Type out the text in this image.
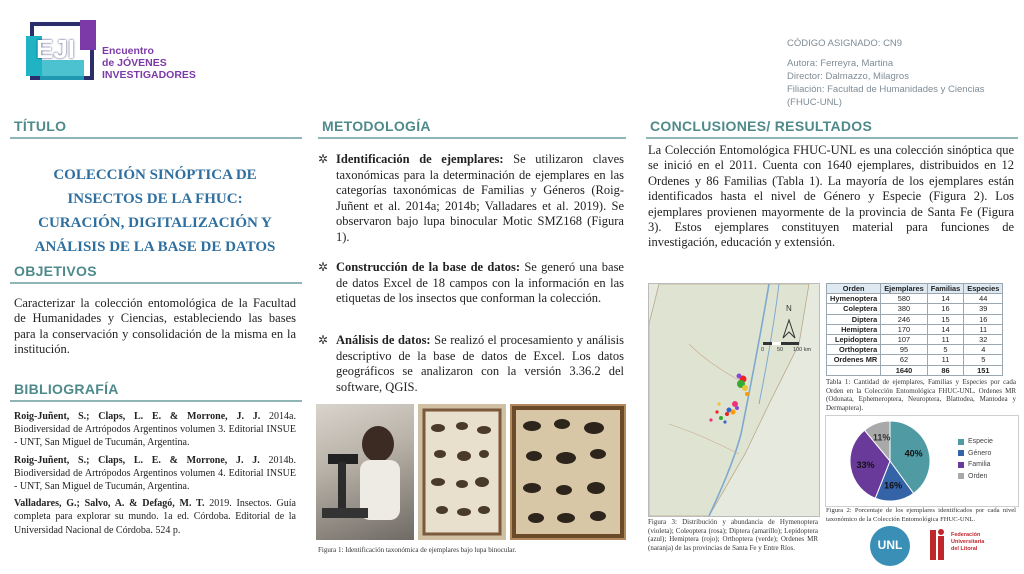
EJI	Encuentro
de JÓVENES
INVESTIGADORES
CÓDIGO ASIGNADO: CN9
Autora: Ferreyra, Martina
Director: Dalmazzo, Milagros
Filiación: Facultad de Humanidades y Ciencias
(FHUC-UNL)
TÍTULO
COLECCIÓN SINÓPTICA DE
INSECTOS DE LA FHUC:
CURACIÓN, DIGITALIZACIÓN Y
ANÁLISIS DE LA BASE DE DATOS
OBJETIVOS
Caracterizar la colección entomológica de la Facultad de Humanidades y Ciencias, estableciendo las bases para la conservación y consolidación de la misma en la institución.
BIBLIOGRAFÍA
Roig-Juñent, S.; Claps, L. E. & Morrone, J. J. 2014a. Biodiversidad de Artrópodos Argentinos volumen 3. Editorial INSUE - UNT, San Miguel de Tucumán, Argentina.
Roig-Juñent, S.; Claps, L. E. & Morrone, J. J. 2014b. Biodiversidad de Artrópodos Argentinos volumen 4. Editorial INSUE - UNT, San Miguel de Tucumán, Argentina.
Valladares, G.; Salvo, A. & Defagó, M. T. 2019. Insectos. Guía completa para explorar su mundo. 1a ed. Córdoba. Editorial de la Universidad Nacional de Córdoba. 524 p.
METODOLOGÍA
✲ Identificación de ejemplares: Se utilizaron claves taxonómicas para la determinación de ejemplares en las categorías taxonómicas de Familias y Géneros (Roig-Juñent et al. 2014a; 2014b; Valladares et al. 2019). Se observaron bajo lupa binocular Motic SMZ168 (Figura 1).
✲ Construcción de la base de datos: Se generó una base de datos Excel de 18 campos con la información en las etiquetas de los insectos que conforman la colección.
✲ Análisis de datos: Se realizó el procesamiento y análisis descriptivo de la base de datos de Excel. Los datos geográficos se analizaron con la versión 3.36.2 del software, QGIS.
Figura 1: Identificación taxonómica de ejemplares bajo lupa binocular.
CONCLUSIONES/ RESULTADOS
La Colección Entomológica FHUC-UNL es una colección sinóptica que se inició en el 2011. Cuenta con 1640 ejemplares, distribuidos en 12 Ordenes y 86 Familias (Tabla 1). La mayoría de los ejemplares están identificados hasta el nivel de Género y Especie (Figura 2). Los ejemplares provienen mayormente de la provincia de Santa Fe (Figura 3). Estos ejemplares constituyen material para funciones de investigación, educación y extensión.
N
0 50 100 km
Figura 3: Distribución y abundancia de Hymenoptera (violeta); Coleoptera (rosa); Diptera (amarillo); Lepidoptera (azul); Hemiptera (rojo); Orthoptera (verde); Ordenes MR (naranja) de las provincias de Santa Fe y Entre Ríos.
Orden	Ejemplares	Familias	Especies
Hymenoptera	580	14	44
Coleptera	380	16	39
Diptera	246	15	16
Hemiptera	170	14	11
Lepidoptera	107	11	32
Orthoptera	95	5	4
Ordenes MR	62	11	5
	1640	86	151
Tabla 1: Cantidad de ejemplares, Familias y Especies por cada Orden en la Colección Entomológica FHUC-UNL. Ordenes MR (Odonata, Ephemeroptera, Neuroptera, Blattodea, Mantodea y Dermaptera).
40%
16%
33%
11%	Especie
Género
Familia
Orden
Figura 2: Porcentaje de los ejemplares identificados por cada nivel taxonómico de la Colección Entomológica FHUC-UNL.
UNL
Federación
Universitaria
del Litoral
